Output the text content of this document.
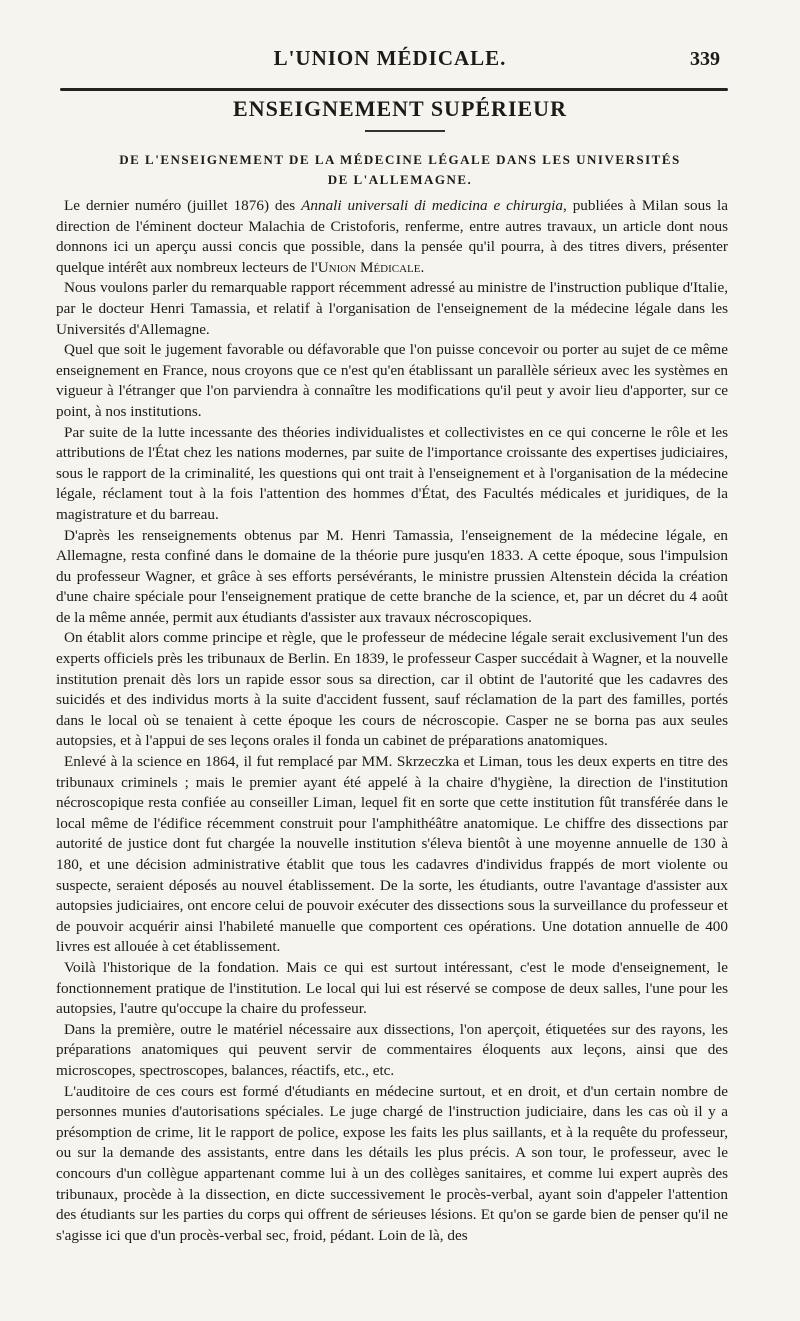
L'UNION MÉDICALE.	339
ENSEIGNEMENT SUPÉRIEUR
DE L'ENSEIGNEMENT DE LA MÉDECINE LÉGALE DANS LES UNIVERSITÉS
DE L'ALLEMAGNE.

Le dernier numéro (juillet 1876) des Annali universali di medicina e chirurgia, publiées à Milan sous la direction de l'éminent docteur Malachia de Cristoforis, renferme, entre autres travaux, un article dont nous donnons ici un aperçu aussi concis que possible, dans la pensée qu'il pourra, à des titres divers, présenter quelque intérêt aux nombreux lecteurs de l'Union Médicale.

Nous voulons parler du remarquable rapport récemment adressé au ministre de l'instruction publique d'Italie, par le docteur Henri Tamassia, et relatif à l'organisation de l'enseignement de la médecine légale dans les Universités d'Allemagne.

Quel que soit le jugement favorable ou défavorable que l'on puisse concevoir ou porter au sujet de ce même enseignement en France, nous croyons que ce n'est qu'en établissant un parallèle sérieux avec les systèmes en vigueur à l'étranger que l'on parviendra à connaître les modifications qu'il peut y avoir lieu d'apporter, sur ce point, à nos institutions.

Par suite de la lutte incessante des théories individualistes et collectivistes en ce qui concerne le rôle et les attributions de l'État chez les nations modernes, par suite de l'importance croissante des expertises judiciaires, sous le rapport de la criminalité, les questions qui ont trait à l'enseignement et à l'organisation de la médecine légale, réclament tout à la fois l'attention des hommes d'État, des Facultés médicales et juridiques, de la magistrature et du barreau.

D'après les renseignements obtenus par M. Henri Tamassia, l'enseignement de la médecine légale, en Allemagne, resta confiné dans le domaine de la théorie pure jusqu'en 1833. A cette époque, sous l'impulsion du professeur Wagner, et grâce à ses efforts persévérants, le ministre prussien Altenstein décida la création d'une chaire spéciale pour l'enseignement pratique de cette branche de la science, et, par un décret du 4 août de la même année, permit aux étudiants d'assister aux travaux nécroscopiques.

On établit alors comme principe et règle, que le professeur de médecine légale serait exclusivement l'un des experts officiels près les tribunaux de Berlin. En 1839, le professeur Casper succédait à Wagner, et la nouvelle institution prenait dès lors un rapide essor sous sa direction, car il obtint de l'autorité que les cadavres des suicidés et des individus morts à la suite d'accident fussent, sauf réclamation de la part des familles, portés dans le local où se tenaient à cette époque les cours de nécroscopie. Casper ne se borna pas aux seules autopsies, et à l'appui de ses leçons orales il fonda un cabinet de préparations anatomiques.

Enlevé à la science en 1864, il fut remplacé par MM. Skrzeczka et Liman, tous les deux experts en titre des tribunaux criminels ; mais le premier ayant été appelé à la chaire d'hygiène, la direction de l'institution nécroscopique resta confiée au conseiller Liman, lequel fit en sorte que cette institution fût transférée dans le local même de l'édifice récemment construit pour l'amphithéâtre anatomique. Le chiffre des dissections par autorité de justice dont fut chargée la nouvelle institution s'éleva bientôt à une moyenne annuelle de 130 à 180, et une décision administrative établit que tous les cadavres d'individus frappés de mort violente ou suspecte, seraient déposés au nouvel établissement. De la sorte, les étudiants, outre l'avantage d'assister aux autopsies judiciaires, ont encore celui de pouvoir exécuter des dissections sous la surveillance du professeur et de pouvoir acquérir ainsi l'habileté manuelle que comportent ces opérations. Une dotation annuelle de 400 livres est allouée à cet établissement.

Voilà l'historique de la fondation. Mais ce qui est surtout intéressant, c'est le mode d'enseignement, le fonctionnement pratique de l'institution. Le local qui lui est réservé se compose de deux salles, l'une pour les autopsies, l'autre qu'occupe la chaire du professeur.

Dans la première, outre le matériel nécessaire aux dissections, l'on aperçoit, étiquetées sur des rayons, les préparations anatomiques qui peuvent servir de commentaires éloquents aux leçons, ainsi que des microscopes, spectroscopes, balances, réactifs, etc., etc.

L'auditoire de ces cours est formé d'étudiants en médecine surtout, et en droit, et d'un certain nombre de personnes munies d'autorisations spéciales. Le juge chargé de l'instruction judiciaire, dans les cas où il y a présomption de crime, lit le rapport de police, expose les faits les plus saillants, et à la requête du professeur, ou sur la demande des assistants, entre dans les détails les plus précis. A son tour, le professeur, avec le concours d'un collègue appartenant comme lui à un des collèges sanitaires, et comme lui expert auprès des tribunaux, procède à la dissection, en dicte successivement le procès-verbal, ayant soin d'appeler l'attention des étudiants sur les parties du corps qui offrent de sérieuses lésions. Et qu'on se garde bien de penser qu'il ne s'agisse ici que d'un procès-verbal sec, froid, pédant. Loin de là, des
